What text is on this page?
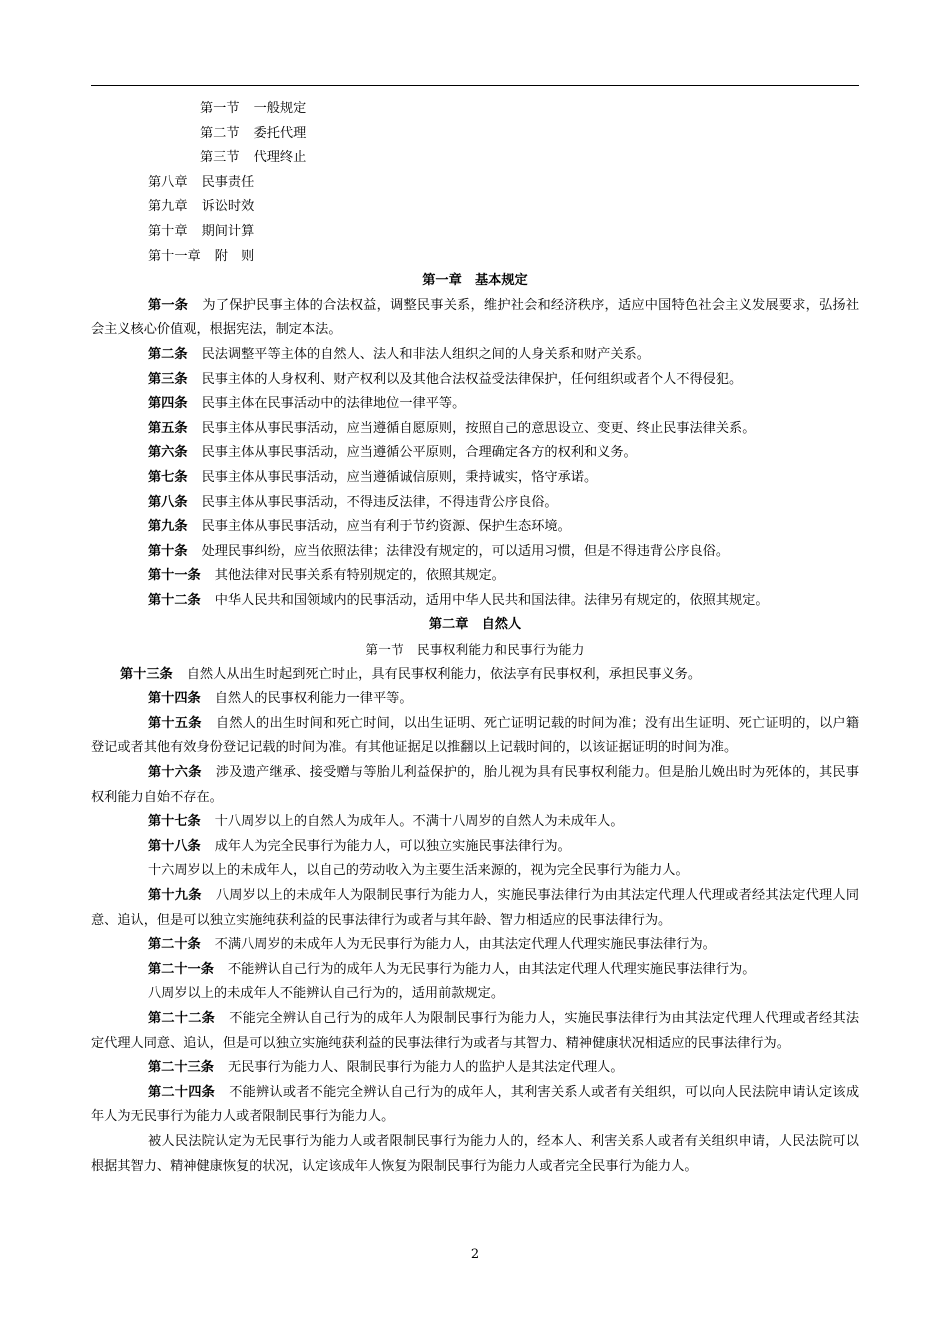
第一节 一般规定

第二节 委托代理

第三节 代理终止

第八章 民事责任

第九章 诉讼时效

第十章 期间计算

第十一章 附　则

第一章　基本规定

第一条 为了保护民事主体的合法权益，调整民事关系，维护社会和经济秩序，适应中国特色社会主义发展要求，弘扬社会主义核心价值观，根据宪法，制定本法。

第二条 民法调整平等主体的自然人、法人和非法人组织之间的人身关系和财产关系。

第三条 民事主体的人身权利、财产权利以及其他合法权益受法律保护，任何组织或者个人不得侵犯。

第四条 民事主体在民事活动中的法律地位一律平等。

第五条 民事主体从事民事活动，应当遵循自愿原则，按照自己的意思设立、变更、终止民事法律关系。

第六条 民事主体从事民事活动，应当遵循公平原则，合理确定各方的权利和义务。

第七条 民事主体从事民事活动，应当遵循诚信原则，秉持诚实，恪守承诺。

第八条 民事主体从事民事活动，不得违反法律，不得违背公序良俗。

第九条 民事主体从事民事活动，应当有利于节约资源、保护生态环境。

第十条 处理民事纠纷，应当依照法律；法律没有规定的，可以适用习惯，但是不得违背公序良俗。

第十一条 其他法律对民事关系有特别规定的，依照其规定。

第十二条 中华人民共和国领域内的民事活动，适用中华人民共和国法律。法律另有规定的，依照其规定。

第二章　自然人

第一节　民事权利能力和民事行为能力

第十三条 自然人从出生时起到死亡时止，具有民事权利能力，依法享有民事权利，承担民事义务。

第十四条 自然人的民事权利能力一律平等。

第十五条 自然人的出生时间和死亡时间，以出生证明、死亡证明记载的时间为准；没有出生证明、死亡证明的，以户籍登记或者其他有效身份登记记载的时间为准。有其他证据足以推翻以上记载时间的，以该证据证明的时间为准。

第十六条 涉及遗产继承、接受赠与等胎儿利益保护的，胎儿视为具有民事权利能力。但是胎儿娩出时为死体的，其民事权利能力自始不存在。

第十七条 十八周岁以上的自然人为成年人。不满十八周岁的自然人为未成年人。

第十八条 成年人为完全民事行为能力人，可以独立实施民事法律行为。

十六周岁以上的未成年人，以自己的劳动收入为主要生活来源的，视为完全民事行为能力人。

第十九条 八周岁以上的未成年人为限制民事行为能力人，实施民事法律行为由其法定代理人代理或者经其法定代理人同意、追认，但是可以独立实施纯获利益的民事法律行为或者与其年龄、智力相适应的民事法律行为。

第二十条 不满八周岁的未成年人为无民事行为能力人，由其法定代理人代理实施民事法律行为。

第二十一条 不能辨认自己行为的成年人为无民事行为能力人，由其法定代理人代理实施民事法律行为。

八周岁以上的未成年人不能辨认自己行为的，适用前款规定。

第二十二条 不能完全辨认自己行为的成年人为限制民事行为能力人，实施民事法律行为由其法定代理人代理或者经其法定代理人同意、追认，但是可以独立实施纯获利益的民事法律行为或者与其智力、精神健康状况相适应的民事法律行为。

第二十三条 无民事行为能力人、限制民事行为能力人的监护人是其法定代理人。

第二十四条 不能辨认或者不能完全辨认自己行为的成年人，其利害关系人或者有关组织，可以向人民法院申请认定该成年人为无民事行为能力人或者限制民事行为能力人。

被人民法院认定为无民事行为能力人或者限制民事行为能力人的，经本人、利害关系人或者有关组织申请，人民法院可以根据其智力、精神健康恢复的状况，认定该成年人恢复为限制民事行为能力人或者完全民事行为能力人。

2
